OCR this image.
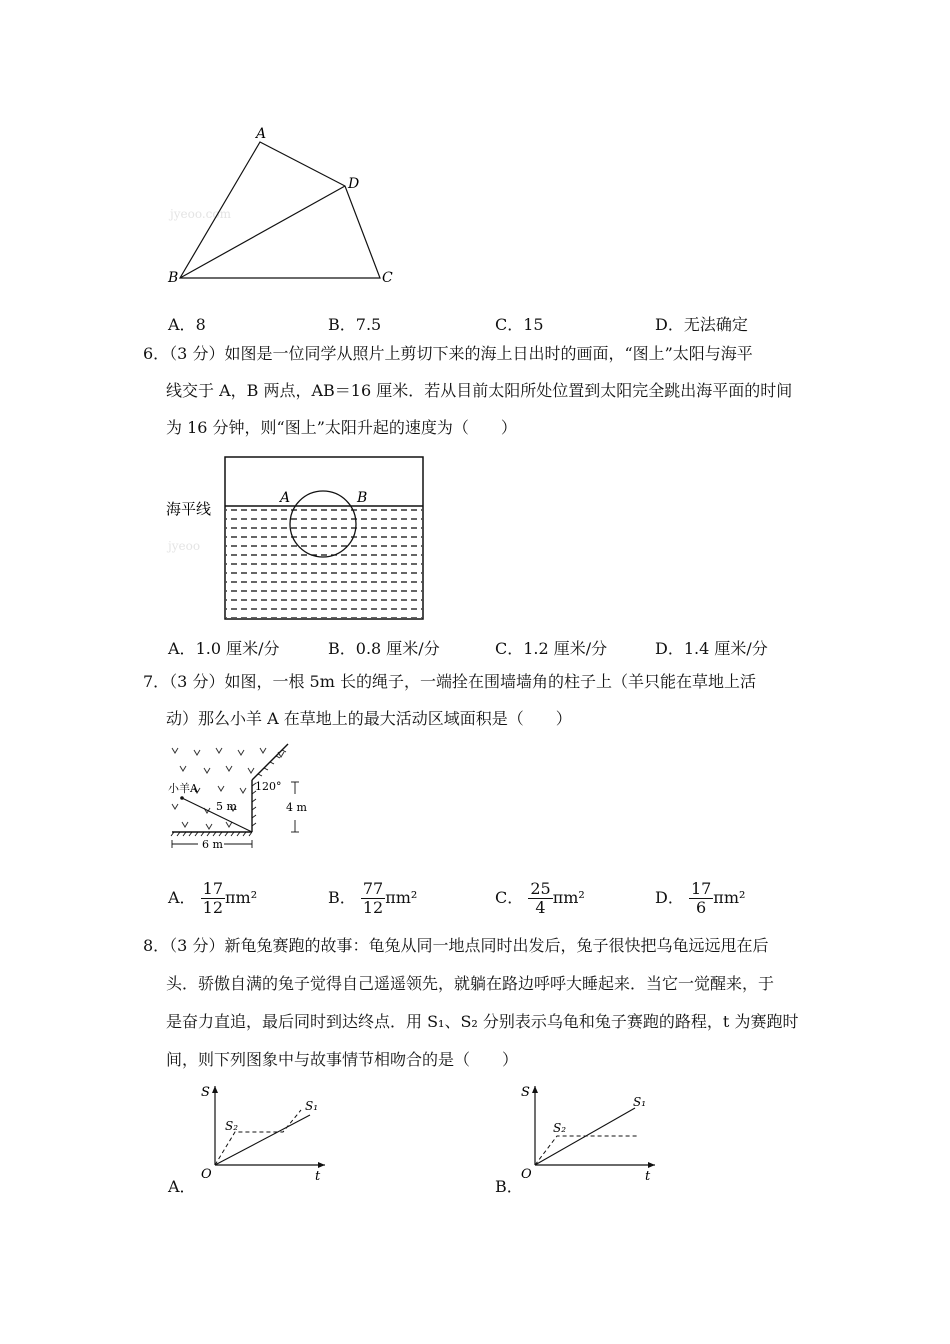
jyeoo.com
A
D
B	C
A．8	B．7.5	C．15	D．无法确定
6．（3 分）如图是一位同学从照片上剪切下来的海上日出时的画面，“图上”太阳与海平
线交于 A，B 两点，AB＝16 厘米．若从目前太阳所处位置到太阳完全跳出海平面的时间
为 16 分钟，则“图上”太阳升起的速度为（　　）
海平线
A	B
jyeoo
A．1.0 厘米/分	B．0.8 厘米/分	C．1.2 厘米/分	D．1.4 厘米/分
7．（3 分）如图，一根 5m 长的绳子，一端拴在围墙墙角的柱子上（羊只能在草地上活
动）那么小羊 A 在草地上的最大活动区域面积是（　　）
小羊A
5 m
120°
4 m
6 m
A． $\frac{17}{12} \pi m^2$	B． $\frac{77}{12} \pi m^2$	C． $\frac{25}{4} \pi m^2$	D． $\frac{17}{6} \pi m^2$
8．（3 分）新龟兔赛跑的故事：龟兔从同一地点同时出发后，兔子很快把乌龟远远甩在后
头．骄傲自满的兔子觉得自己遥遥领先，就躺在路边呼呼大睡起来．当它一觉醒来，于
是奋力直追，最后同时到达终点．用 S₁、S₂ 分别表示乌龟和兔子赛跑的路程，t 为赛跑时
间，则下列图象中与故事情节相吻合的是（　　）
S
t
O
S₁
S₂
A．
S
t
O
S₁
S₂
B．
